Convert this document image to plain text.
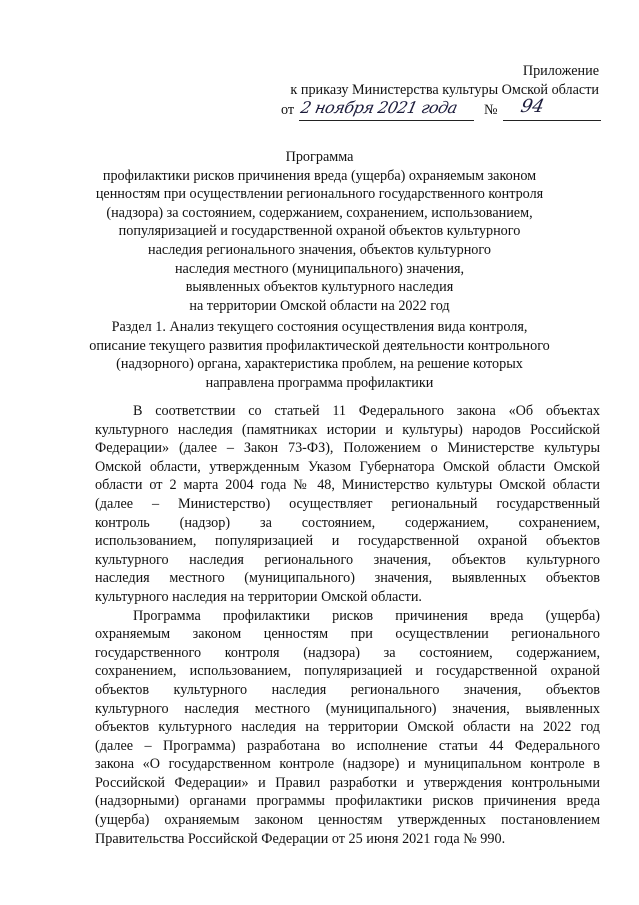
Приложение
к приказу Министерства культуры Омской области
от 2 ноября 2021 года № 94
Программа
профилактики рисков причинения вреда (ущерба) охраняемым законом
ценностям при осуществлении регионального государственного контроля
(надзора) за состоянием, содержанием, сохранением, использованием,
популяризацией и государственной охраной объектов культурного
наследия регионального значения, объектов культурного
наследия местного (муниципального) значения,
выявленных объектов культурного наследия
на территории Омской области на 2022 год
Раздел 1. Анализ текущего состояния осуществления вида контроля,
описание текущего развития профилактической деятельности контрольного
(надзорного) органа, характеристика проблем, на решение которых
направлена программа профилактики
В соответствии со статьей 11 Федерального закона «Об объектах
культурного наследия (памятниках истории и культуры) народов Российской
Федерации» (далее – Закон 73-ФЗ), Положением о Министерстве культуры
Омской области, утвержденным Указом Губернатора Омской области Омской
области от 2 марта 2004 года № 48, Министерство культуры Омской области
(далее – Министерство) осуществляет региональный государственный
контроль (надзор) за состоянием, содержанием, сохранением,
использованием, популяризацией и государственной охраной объектов
культурного наследия регионального значения, объектов культурного
наследия местного (муниципального) значения, выявленных объектов
культурного наследия на территории Омской области.
Программа профилактики рисков причинения вреда (ущерба)
охраняемым законом ценностям при осуществлении регионального
государственного контроля (надзора) за состоянием, содержанием,
сохранением, использованием, популяризацией и государственной охраной
объектов культурного наследия регионального значения, объектов
культурного наследия местного (муниципального) значения, выявленных
объектов культурного наследия на территории Омской области на 2022 год
(далее – Программа) разработана во исполнение статьи 44 Федерального
закона «О государственном контроле (надзоре) и муниципальном контроле в
Российской Федерации» и Правил разработки и утверждения контрольными
(надзорными) органами программы профилактики рисков причинения вреда
(ущерба) охраняемым законом ценностям утвержденных постановлением
Правительства Российской Федерации от 25 июня 2021 года № 990.
